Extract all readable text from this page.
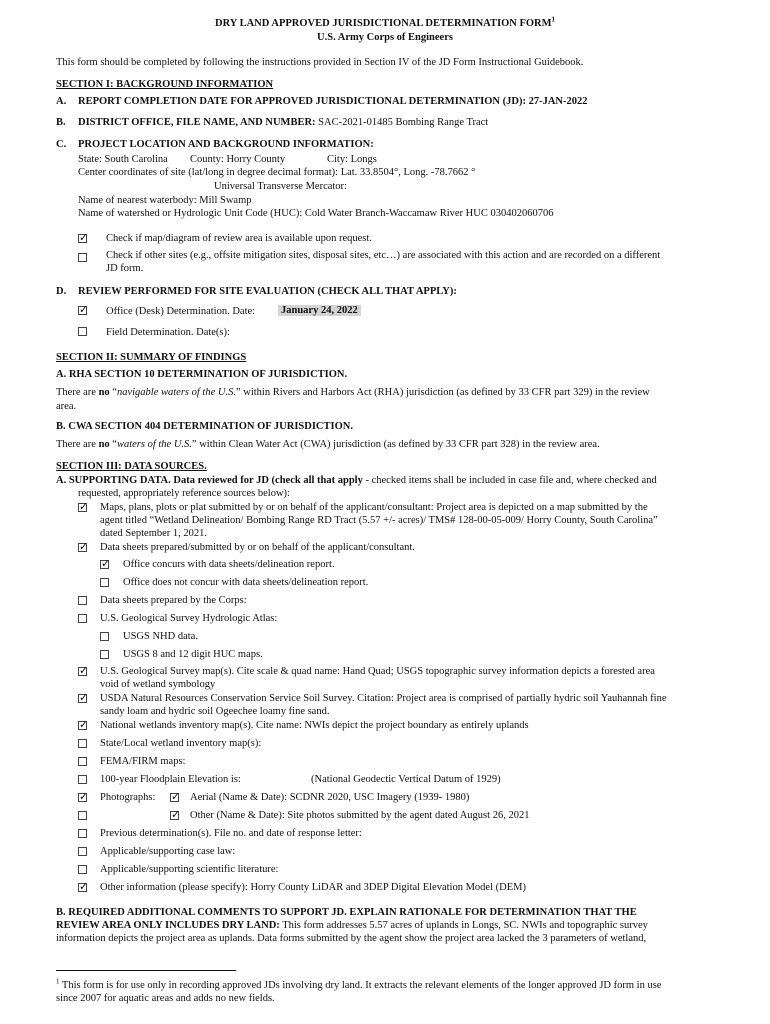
DRY LAND APPROVED JURISDICTIONAL DETERMINATION FORM$^1$
U.S. Army Corps of Engineers
This form should be completed by following the instructions provided in Section IV of the JD Form Instructional Guidebook.
SECTION I: BACKGROUND INFORMATION
A. REPORT COMPLETION DATE FOR APPROVED JURISDICTIONAL DETERMINATION (JD): 27-JAN-2022
B. DISTRICT OFFICE, FILE NAME, AND NUMBER: SAC-2021-01485 Bombing Range Tract
C. PROJECT LOCATION AND BACKGROUND INFORMATION:
State: South Carolina County: Horry County	City: Longs
Center coordinates of site (lat/long in degree decimal format): Lat. 33.8504°, Long. -78.7662 °
Universal Transverse Mercator:
Name of nearest waterbody: Mill Swamp
Name of watershed or Hydrologic Unit Code (HUC): Cold Water Branch-Waccamaw River HUC 030402060706
✓
Check if map/diagram of review area is available upon request.
Check if other sites (e.g., offsite mitigation sites, disposal sites, etc…) are associated with this action and are recorded on a different
JD form.
D. REVIEW PERFORMED FOR SITE EVALUATION (CHECK ALL THAT APPLY):
✓
Office (Desk) Determination. Date: January 24, 2022
Field Determination. Date(s):
SECTION II: SUMMARY OF FINDINGS
A. RHA SECTION 10 DETERMINATION OF JURISDICTION.
There are no “navigable waters of the U.S.” within Rivers and Harbors Act (RHA) jurisdiction (as defined by 33 CFR part 329) in the review
area.
B. CWA SECTION 404 DETERMINATION OF JURISDICTION.
There are no “waters of the U.S.” within Clean Water Act (CWA) jurisdiction (as defined by 33 CFR part 328) in the review area.
SECTION III: DATA SOURCES.
A. SUPPORTING DATA. Data reviewed for JD (check all that apply - checked items shall be included in case file and, where checked and
requested, appropriately reference sources below):
✓
Maps, plans, plots or plat submitted by or on behalf of the applicant/consultant: Project area is depicted on a map submitted by the
agent titled “Wetland Delineation/ Bombing Range RD Tract (5.57 +/- acres)/ TMS# 128-00-05-009/ Horry County, South Carolina”
dated September 1, 2021.
✓
Data sheets prepared/submitted by or on behalf of the applicant/consultant.
✓
Office concurs with data sheets/delineation report.
Office does not concur with data sheets/delineation report.
Data sheets prepared by the Corps:
U.S. Geological Survey Hydrologic Atlas:
USGS NHD data.
USGS 8 and 12 digit HUC maps.
✓
U.S. Geological Survey map(s). Cite scale & quad name: Hand Quad; USGS topographic survey information depicts a forested area
void of wetland symbology
✓
USDA Natural Resources Conservation Service Soil Survey. Citation: Project area is comprised of partially hydric soil Yauhannah fine
sandy loam and hydric soil Ogeechee loamy fine sand.
✓
National wetlands inventory map(s). Cite name: NWIs depict the project boundary as entirely uplands
State/Local wetland inventory map(s):
FEMA/FIRM maps:
100-year Floodplain Elevation is:	(National Geodectic Vertical Datum of 1929)
✓
Photographs:
✓	Aerial (Name & Date): SCDNR 2020, USC Imagery (1939- 1980)
✓
Other (Name & Date): Site photos submitted by the agent dated August 26, 2021
Previous determination(s). File no. and date of response letter:
Applicable/supporting case law:
Applicable/supporting scientific literature:
✓
Other information (please specify): Horry County LiDAR and 3DEP Digital Elevation Model (DEM)
B. REQUIRED ADDITIONAL COMMENTS TO SUPPORT JD. EXPLAIN RATIONALE FOR DETERMINATION THAT THE
REVIEW AREA ONLY INCLUDES DRY LAND: This form addresses 5.57 acres of uplands in Longs, SC. NWIs and topographic survey
information depicts the project area as uplands. Data forms submitted by the agent show the project area lacked the 3 parameters of wetland,
$^1$ This form is for use only in recording approved JDs involving dry land. It extracts the relevant elements of the longer approved JD form in use
since 2007 for aquatic areas and adds no new fields.
